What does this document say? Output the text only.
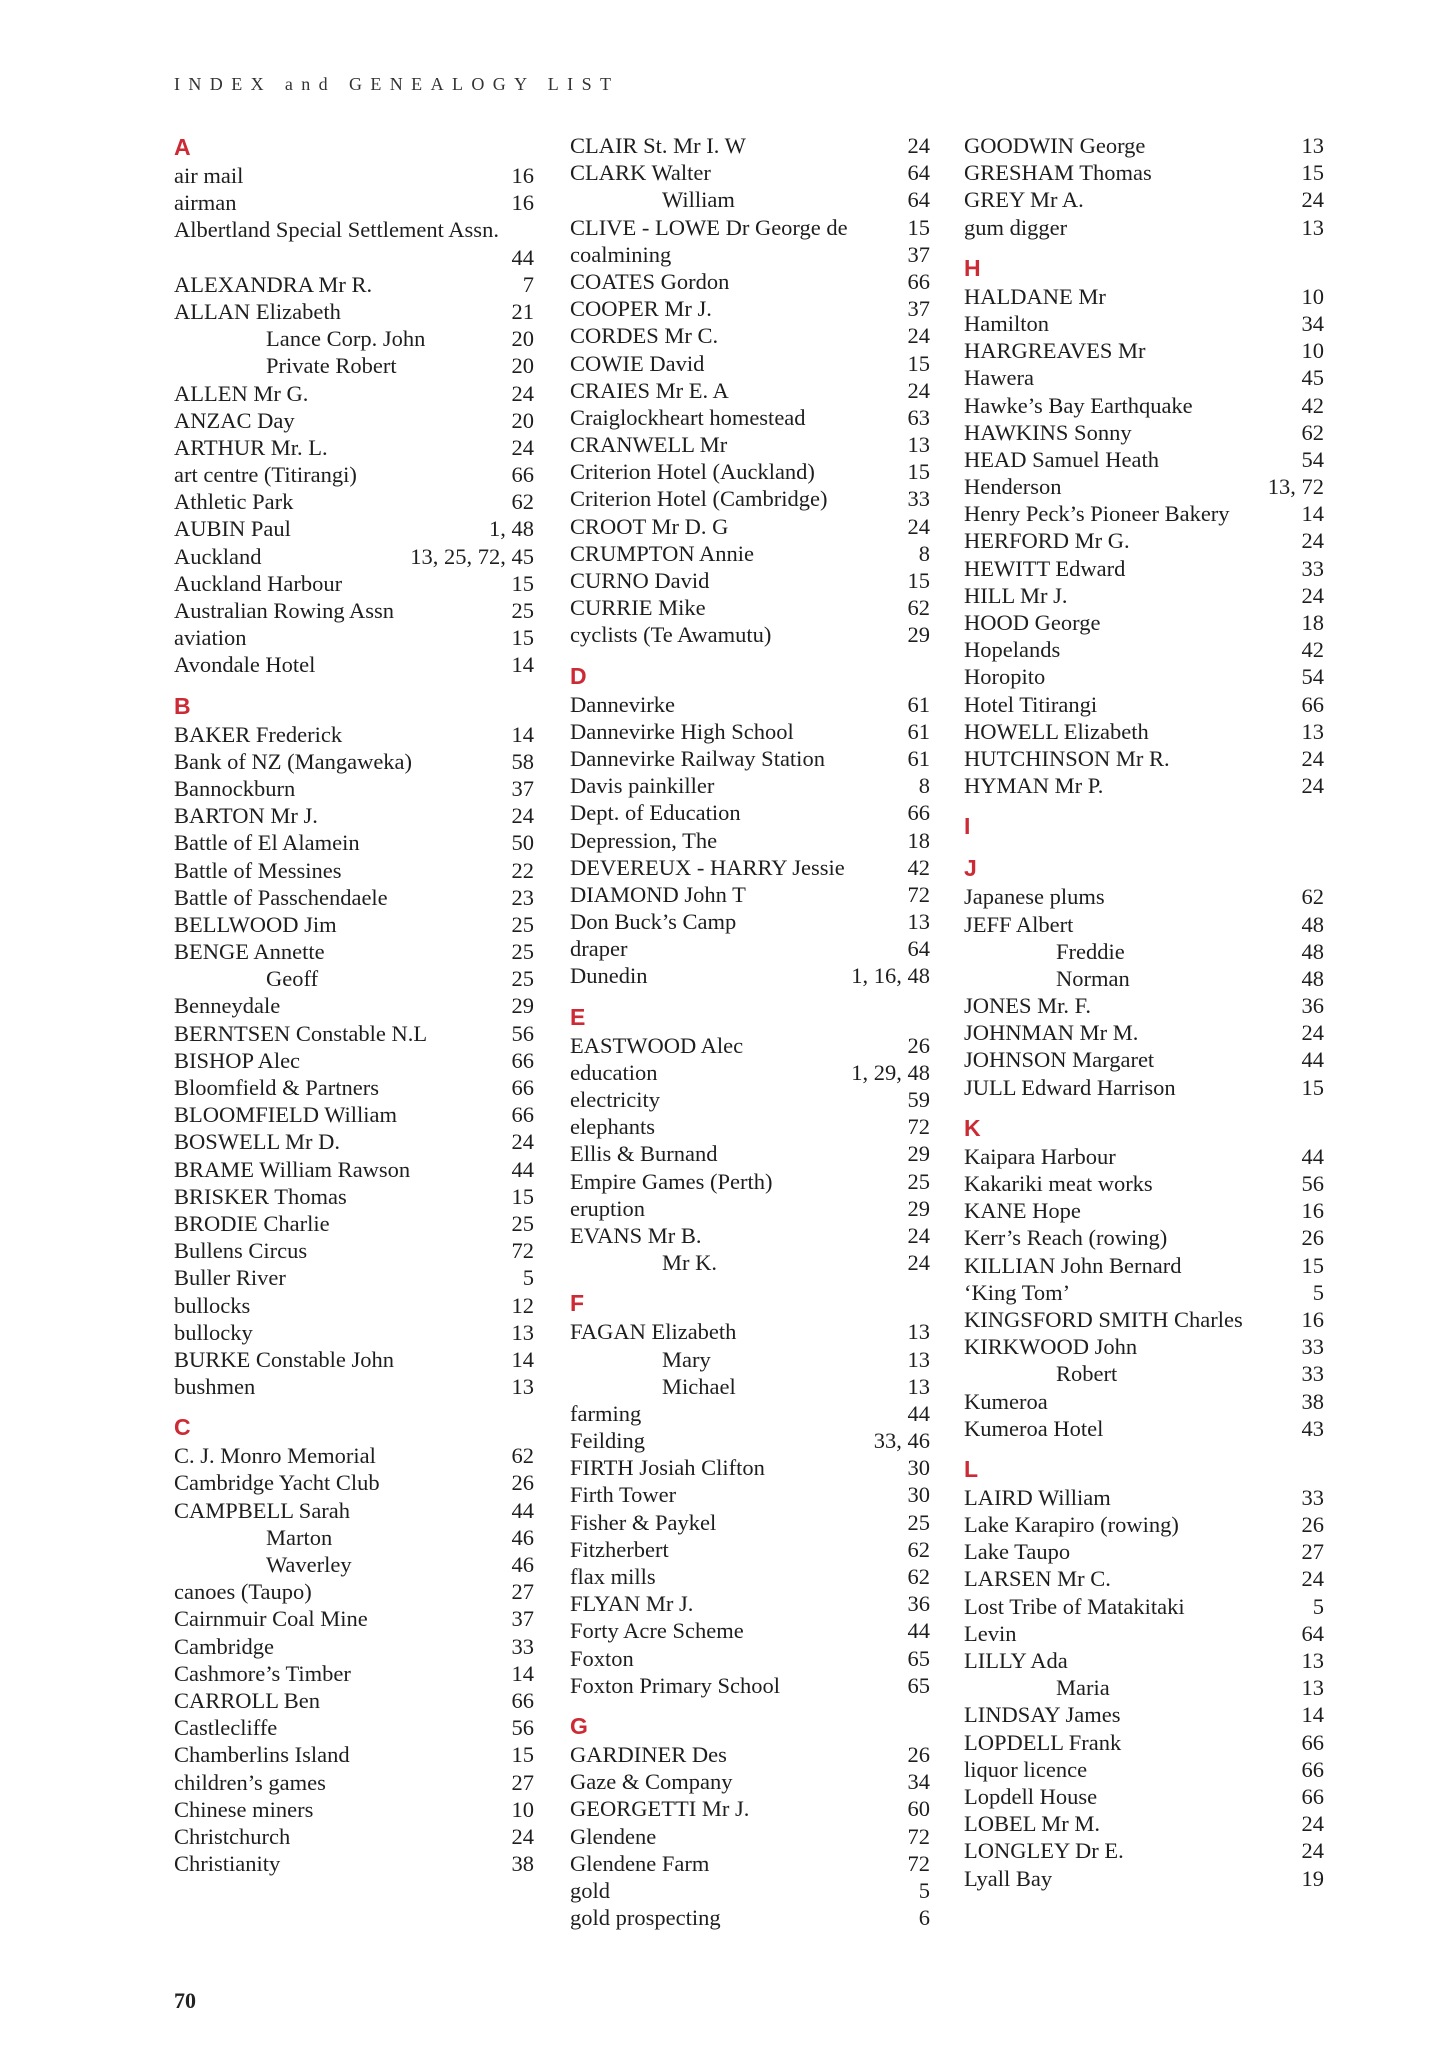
INDEX and GENEALOGY LIST
A
air mail	16
airman	16
Albertland Special Settlement Assn.
44
ALEXANDRA Mr R.	7
ALLAN Elizabeth	21
Lance Corp. John	20
Private Robert	20
ALLEN Mr G.	24
ANZAC Day	20
ARTHUR Mr. L.	24
art centre (Titirangi)	66
Athletic Park	62
AUBIN Paul	1, 48
Auckland	13, 25, 72, 45
Auckland Harbour	15
Australian Rowing Assn	25
aviation	15
Avondale Hotel	14
B
BAKER Frederick	14
Bank of NZ (Mangaweka)	58
Bannockburn	37
BARTON Mr J.	24
Battle of El Alamein	50
Battle of Messines	22
Battle of Passchendaele	23
BELLWOOD Jim	25
BENGE Annette	25
Geoff	25
Benneydale	29
BERNTSEN Constable N.L	56
BISHOP Alec	66
Bloomfield & Partners	66
BLOOMFIELD William	66
BOSWELL Mr D.	24
BRAME William Rawson	44
BRISKER Thomas	15
BRODIE Charlie	25
Bullens Circus	72
Buller River	5
bullocks	12
bullocky	13
BURKE Constable John	14
bushmen	13
C
C. J. Monro Memorial	62
Cambridge Yacht Club	26
CAMPBELL Sarah	44
Marton	46
Waverley	46
canoes (Taupo)	27
Cairnmuir Coal Mine	37
Cambridge	33
Cashmore’s Timber	14
CARROLL Ben	66
Castlecliffe	56
Chamberlins Island	15
children’s games	27
Chinese miners	10
Christchurch	24
Christianity	38
CLAIR St. Mr I. W	24
CLARK Walter	64
William	64
CLIVE - LOWE Dr George de	15
coalmining	37
COATES Gordon	66
COOPER Mr J.	37
CORDES Mr C.	24
COWIE David	15
CRAIES Mr E. A	24
Craiglockheart homestead	63
CRANWELL Mr	13
Criterion Hotel (Auckland)	15
Criterion Hotel (Cambridge)	33
CROOT Mr D. G	24
CRUMPTON Annie	8
CURNO David	15
CURRIE Mike	62
cyclists (Te Awamutu)	29
D
Dannevirke	61
Dannevirke High School	61
Dannevirke Railway Station	61
Davis painkiller	8
Dept. of Education	66
Depression, The	18
DEVEREUX - HARRY Jessie	42
DIAMOND John T	72
Don Buck’s Camp	13
draper	64
Dunedin	1, 16, 48
E
EASTWOOD Alec	26
education	1, 29, 48
electricity	59
elephants	72
Ellis & Burnand	29
Empire Games (Perth)	25
eruption	29
EVANS Mr B.	24
Mr K.	24
F
FAGAN Elizabeth	13
Mary	13
Michael	13
farming	44
Feilding	33, 46
FIRTH Josiah Clifton	30
Firth Tower	30
Fisher & Paykel	25
Fitzherbert	62
flax mills	62
FLYAN Mr J.	36
Forty Acre Scheme	44
Foxton	65
Foxton Primary School	65
G
GARDINER Des	26
Gaze & Company	34
GEORGETTI Mr J.	60
Glendene	72
Glendene Farm	72
gold	5
gold prospecting	6
GOODWIN George	13
GRESHAM Thomas	15
GREY Mr A.	24
gum digger	13
H
HALDANE Mr	10
Hamilton	34
HARGREAVES Mr	10
Hawera	45
Hawke’s Bay Earthquake	42
HAWKINS Sonny	62
HEAD Samuel Heath	54
Henderson	13, 72
Henry Peck’s Pioneer Bakery	14
HERFORD Mr G.	24
HEWITT Edward	33
HILL Mr J.	24
HOOD George	18
Hopelands	42
Horopito	54
Hotel Titirangi	66
HOWELL Elizabeth	13
HUTCHINSON Mr R.	24
HYMAN Mr P.	24
I
J
Japanese plums	62
JEFF Albert	48
Freddie	48
Norman	48
JONES Mr. F.	36
JOHNMAN Mr M.	24
JOHNSON Margaret	44
JULL Edward Harrison	15
K
Kaipara Harbour	44
Kakariki meat works	56
KANE Hope	16
Kerr’s Reach (rowing)	26
KILLIAN John Bernard	15
‘King Tom’	5
KINGSFORD SMITH Charles	16
KIRKWOOD John	33
Robert	33
Kumeroa	38
Kumeroa Hotel	43
L
LAIRD William	33
Lake Karapiro (rowing)	26
Lake Taupo	27
LARSEN Mr C.	24
Lost Tribe of Matakitaki	5
Levin	64
LILLY Ada	13
Maria	13
LINDSAY James	14
LOPDELL Frank	66
liquor licence	66
Lopdell House	66
LOBEL Mr M.	24
LONGLEY Dr E.	24
Lyall Bay	19
70
